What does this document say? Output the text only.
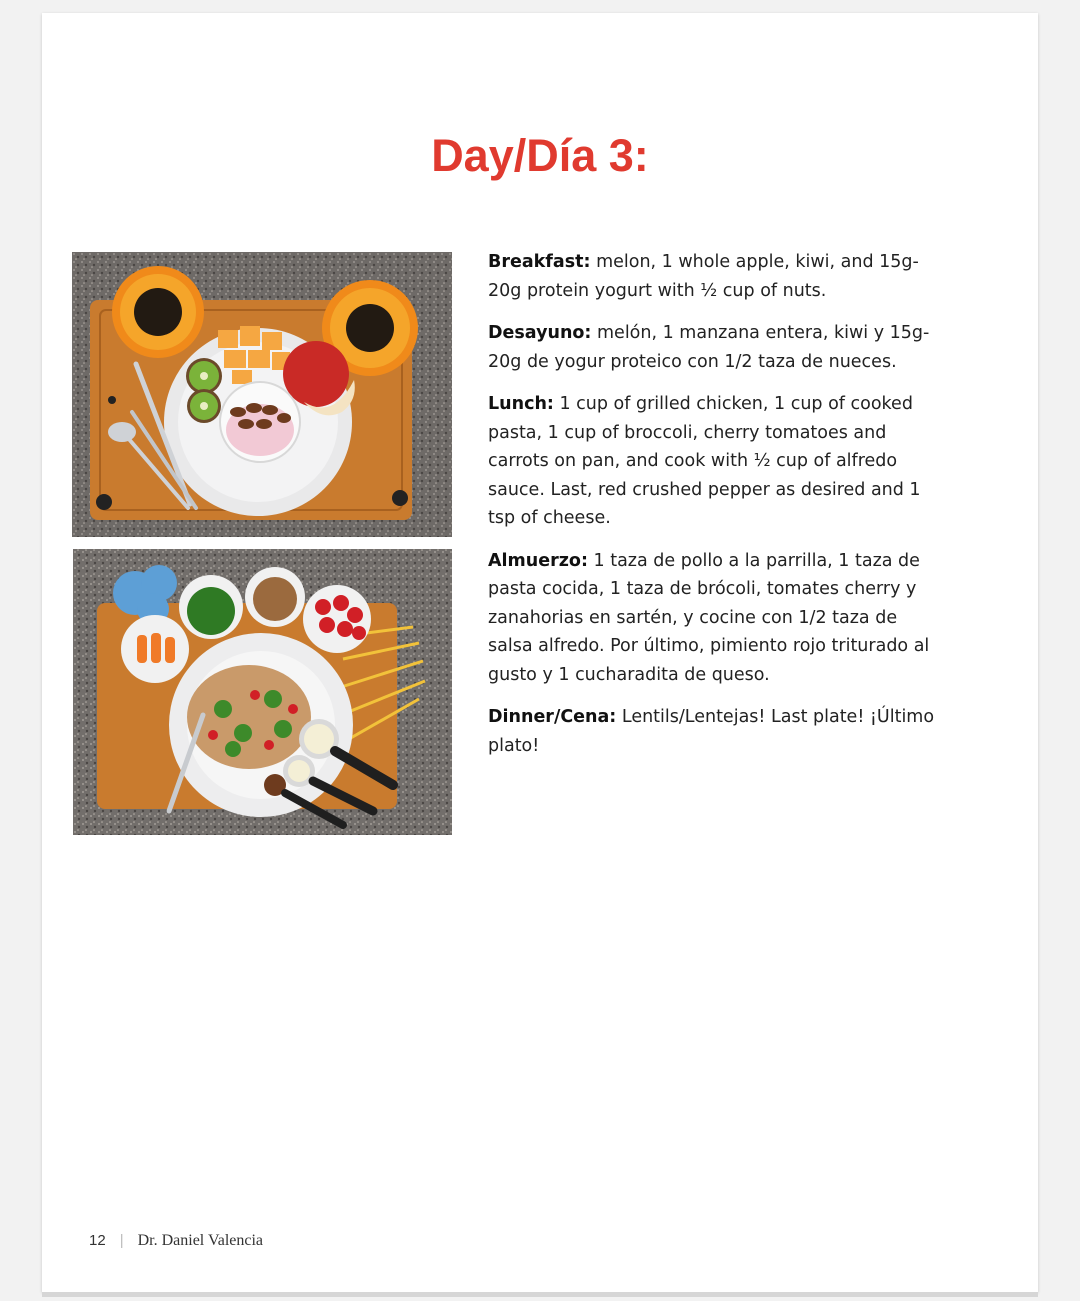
Day/Día 3:

Breakfast: melon, 1 whole apple, kiwi, and 15g-20g protein yogurt with ½ cup of nuts.

Desayuno: melón, 1 manzana entera, kiwi y 15g-20g de yogur proteico con 1/2 taza de nueces.

Lunch: 1 cup of grilled chicken, 1 cup of cooked pasta, 1 cup of broccoli, cherry tomatoes and carrots on pan, and cook with ½ cup of alfredo sauce. Last, red crushed pepper as desired and 1 tsp of cheese.

Almuerzo: 1 taza de pollo a la parrilla, 1 taza de pasta cocida, 1 taza de brócoli, tomates cherry y zanahorias en sartén, y cocine con 1/2 taza de salsa alfredo. Por último, pimiento rojo triturado al gusto y 1 cucharadita de queso.

Dinner/Cena: Lentils/Lentejas! Last plate! ¡Último plato!

12 | Dr. Daniel Valencia
